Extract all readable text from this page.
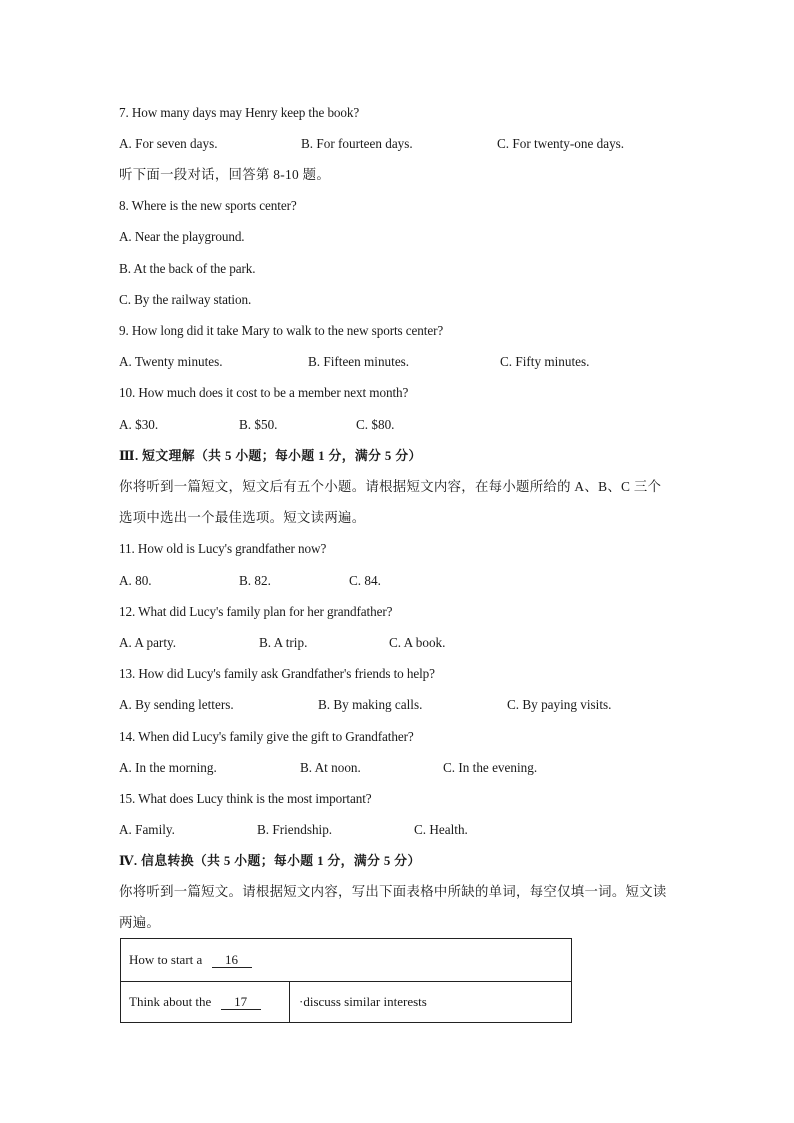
7. How many days may Henry keep the book?
A. For seven days.	B. For fourteen days.	C. For twenty-one days.
听下面一段对话，回答第 8-10 题。
8. Where is the new sports center?
A. Near the playground.
B. At the back of the park.
C. By the railway station.
9. How long did it take Mary to walk to the new sports center?
A. Twenty minutes.	B. Fifteen minutes.	C. Fifty minutes.
10. How much does it cost to be a member next month?
A. $30.	B. $50.	C. $80.
Ⅲ. 短文理解（共 5 小题；每小题 1 分，满分 5 分）
你将听到一篇短文，短文后有五个小题。请根据短文内容，在每小题所给的 A、B、C 三个
选项中选出一个最佳选项。短文读两遍。
11. How old is Lucy's grandfather now?
A. 80.	B. 82.	C. 84.
12. What did Lucy's family plan for her grandfather?
A. A party.	B. A trip.	C. A book.
13. How did Lucy's family ask Grandfather's friends to help?
A. By sending letters.	B. By making calls.	C. By paying visits.
14. When did Lucy's family give the gift to Grandfather?
A. In the morning.	B. At noon.	C. In the evening.
15. What does Lucy think is the most important?
A. Family.	B. Friendship.	C. Health.
Ⅳ. 信息转换（共 5 小题；每小题 1 分，满分 5 分）
你将听到一篇短文。请根据短文内容，写出下面表格中所缺的单词，每空仅填一词。短文读
两遍。
How to start a 16
Think about the 17	·discuss similar interests
